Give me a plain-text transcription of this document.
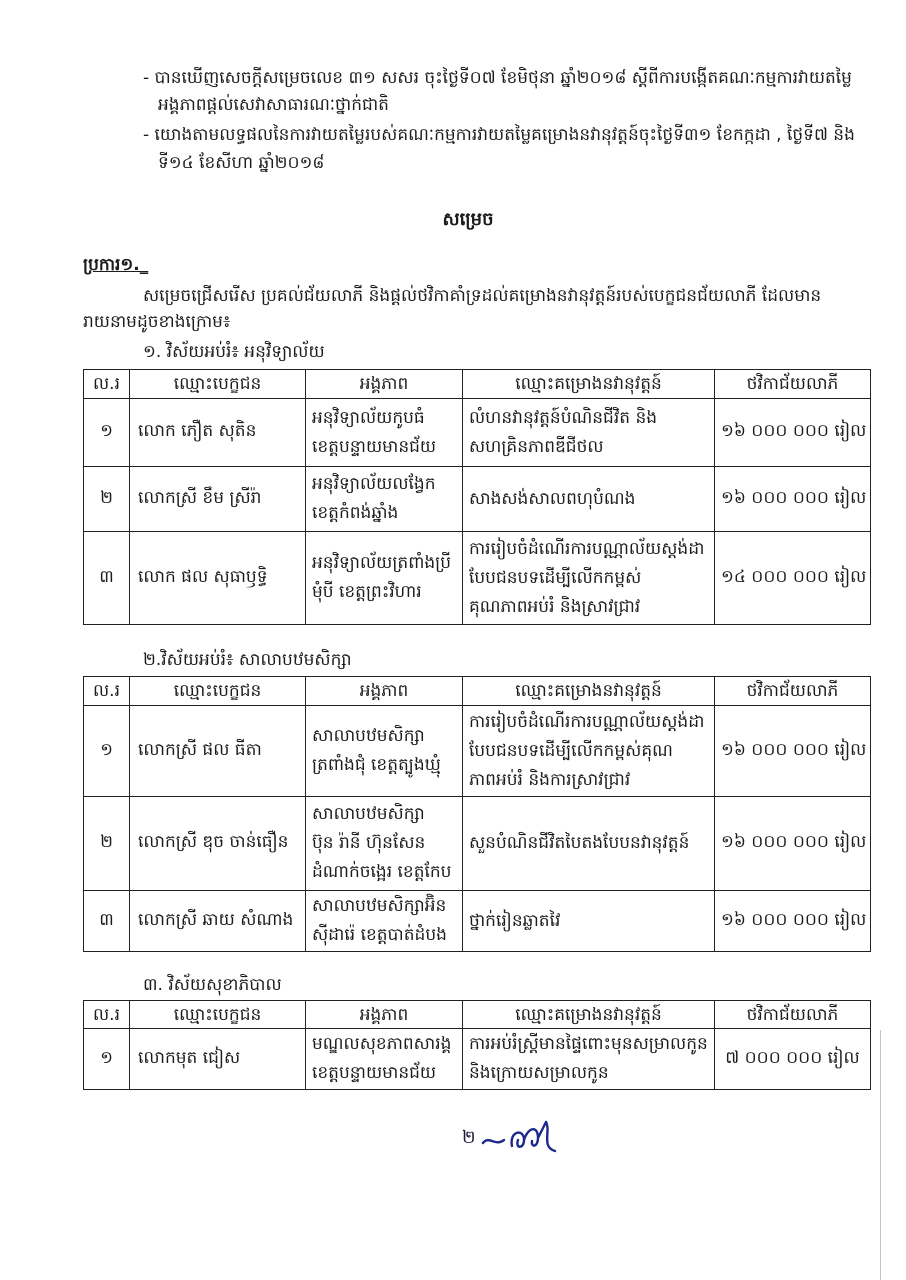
- បានឃើញសេចក្តីសម្រេចលេខ ៣១ សសរ ចុះថ្ងៃទី០៧ ខែមិថុនា ឆ្នាំ២០១៨ ស្តីពីការបង្កើតគណៈកម្មការវាយតម្លៃ
អង្គភាពផ្តល់សេវាសាធារណៈថ្នាក់ជាតិ
- យោងតាមលទ្ធផលនៃការវាយតម្លៃរបស់គណៈកម្មការវាយតម្លៃគម្រោងនវានុវត្តន៍ចុះថ្ងៃទី៣១ ខែកក្កដា , ថ្ងៃទី៧ និង
ទី១៤ ខែសីហា ឆ្នាំ២០១៨
សម្រេច
ប្រការ១._
សម្រេចជ្រើសរើស ប្រគល់ជ័យលាភី និងផ្តល់ថវិកាគាំទ្រដល់គម្រោងនវានុវត្តន៍របស់បេក្ខជនជ័យលាភី ដែលមាន
រាយនាមដូចខាងក្រោម៖
១. វិស័យអប់រំ៖ អនុវិទ្យាល័យ
ល.រ	ឈ្មោះបេក្ខជន	អង្គភាព	ឈ្មោះគម្រោងនវានុវត្តន៍	ថវិកាជ័យលាភី
១	លោក ភឿត សុតិន	អនុវិទ្យាល័យកូបធំ
ខេត្តបន្ទាយមានជ័យ	លំហនវានុវត្តន៍បំណិនជីវិត និង
សហគ្រិនភាពឌីជីថល	១៦ ០០០ ០០០ រៀល
២	លោកស្រី ខឹម ស្រីរ៉ា	អនុវិទ្យាល័យលង្វែក
ខេត្តកំពង់ឆ្នាំង	សាងសង់សាលពហុបំណង	១៦ ០០០ ០០០ រៀល
៣	លោក ផល សុធាឫទ្ធិ	អនុវិទ្យាល័យត្រពាំងប្រី
មុំបី ខេត្តព្រះវិហារ	ការរៀបចំដំណើរការបណ្ណាល័យស្តង់ដា
បែបជនបទដើម្បីលើកកម្ពស់
គុណភាពអប់រំ និងស្រាវជ្រាវ	១៤ ០០០ ០០០ រៀល
២.វិស័យអប់រំ៖ សាលាបឋមសិក្សា
ល.រ	ឈ្មោះបេក្ខជន	អង្គភាព	ឈ្មោះគម្រោងនវានុវត្តន៍	ថវិកាជ័យលាភី
១	លោកស្រី ផល ធីតា	សាលាបឋមសិក្សា
ត្រពាំងជុំ ខេត្តត្បូងឃ្មុំ	ការរៀបចំដំណើរការបណ្ណាល័យស្តង់ដា
បែបជនបទដើម្បីលើកកម្ពស់គុណ
ភាពអប់រំ និងការស្រាវជ្រាវ	១៦ ០០០ ០០០ រៀល
២	លោកស្រី ឌុច ចាន់ធឿន	សាលាបឋមសិក្សា
ប៊ុន រ៉ានី ហ៊ុនសែន
ដំណាក់ចង្អេរ ខេត្តកែប	សួនបំណិនជីវិតបៃតងបែបនវានុវត្តន៍	១៦ ០០០ ០០០ រៀល
៣	លោកស្រី ឆាយ សំណាង	សាលាបឋមសិក្សាអ៊ិន
ស៊ីដារ៉េ ខេត្តបាត់ដំបង	ថ្នាក់រៀនឆ្លាតវៃ	១៦ ០០០ ០០០ រៀល
៣. វិស័យសុខាភិបាល
ល.រ	ឈ្មោះបេក្ខជន	អង្គភាព	ឈ្មោះគម្រោងនវានុវត្តន៍	ថវិកាជ័យលាភី
១	លោកមុត ជៀស	មណ្ឌលសុខភាពសារង្គ
ខេត្តបន្ទាយមានជ័យ	ការអប់រំស្ត្រីមានផ្ទៃពោះមុនសម្រាលកូន
និងក្រោយសម្រាលកូន	៧ ០០០ ០០០ រៀល
២
